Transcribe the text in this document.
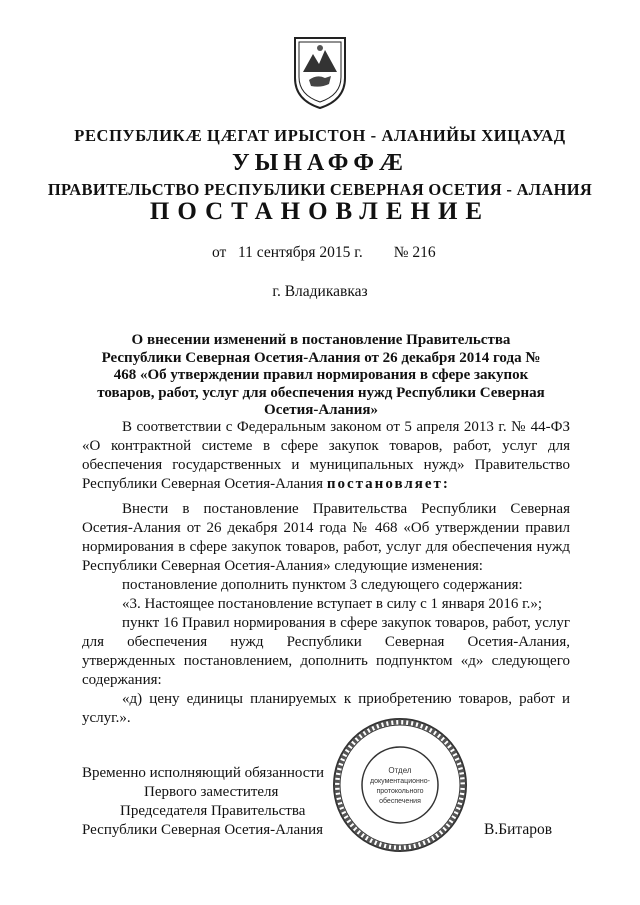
РЕСПУБЛИКӔ ЦӔГАТ ИРЫСТОН - АЛАНИЙЫ ХИЦАУАД
УЫНАФФӔ
ПРАВИТЕЛЬСТВО РЕСПУБЛИКИ СЕВЕРНАЯ ОСЕТИЯ - АЛАНИЯ
ПОСТАНОВЛЕНИЕ
от 11 сентября 2015 г. № 216
г. Владикавказ
О внесении изменений в постановление Правительства Республики Северная Осетия-Алания от 26 декабря 2014 года № 468 «Об утверждении правил нормирования в сфере закупок товаров, работ, услуг для обеспечения нужд Республики Северная Осетия-Алания»

В соответствии с Федеральным законом от 5 апреля 2013 г. № 44-ФЗ «О контрактной системе в сфере закупок товаров, работ, услуг для обеспечения государственных и муниципальных нужд» Правительство Республики Северная Осетия-Алания постановляет:

Внести в постановление Правительства Республики Северная Осетия-Алания от 26 декабря 2014 года № 468 «Об утверждении правил нормирования в сфере закупок товаров, работ, услуг для обеспечения нужд Республики Северная Осетия-Алания» следующие изменения:

постановление дополнить пунктом 3 следующего содержания:

«3. Настоящее постановление вступает в силу с 1 января 2016 г.»;

пункт 16 Правил нормирования в сфере закупок товаров, работ, услуг для обеспечения нужд Республики Северная Осетия-Алания, утвержденных постановлением, дополнить подпунктом «д» следующего содержания:

«д) цену единицы планируемых к приобретению товаров, работ и услуг.».

Временно исполняющий обязанности
Первого заместителя
Председателя Правительства
Республики Северная Осетия-Алания
Отдел
документационно-
протокольного
обеспечения
В.Битаров
